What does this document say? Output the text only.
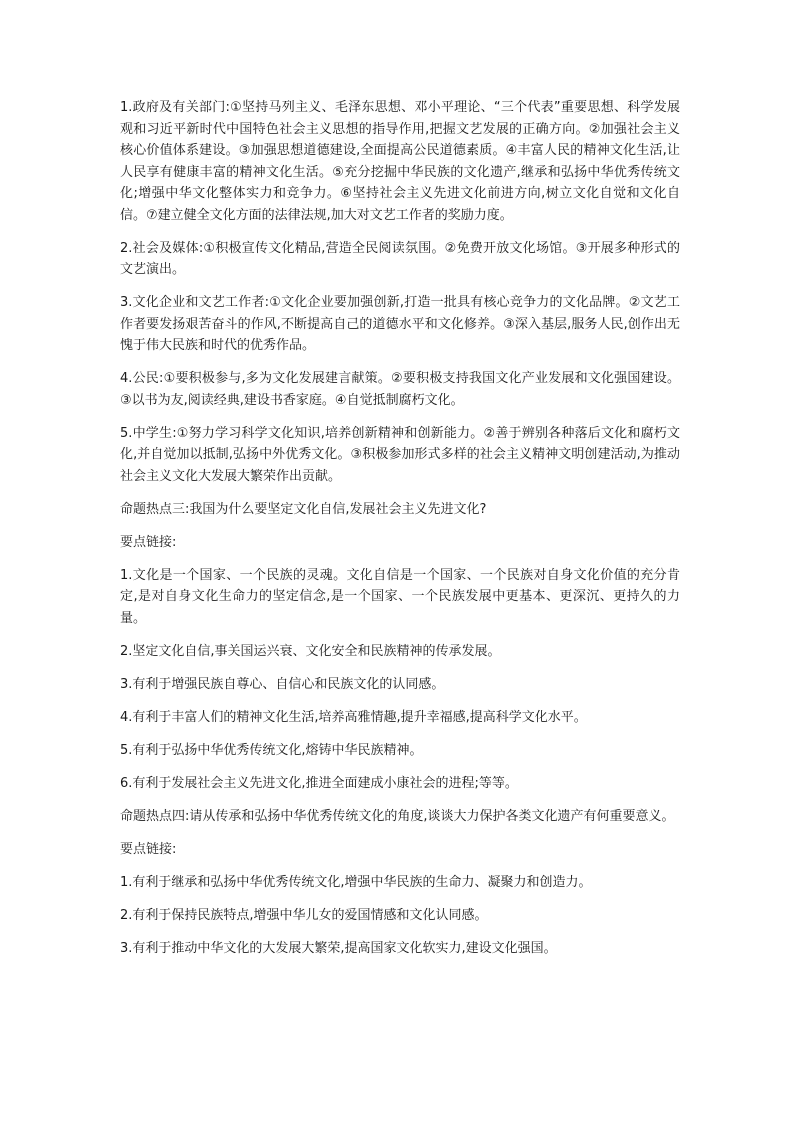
1.政府及有关部门:①坚持马列主义、毛泽东思想、邓小平理论、“三个代表”重要思想、科学发展观和习近平新时代中国特色社会主义思想的指导作用,把握文艺发展的正确方向。②加强社会主义核心价值体系建设。③加强思想道德建设,全面提高公民道德素质。④丰富人民的精神文化生活,让人民享有健康丰富的精神文化生活。⑤充分挖掘中华民族的文化遗产,继承和弘扬中华优秀传统文化;增强中华文化整体实力和竞争力。⑥坚持社会主义先进文化前进方向,树立文化自觉和文化自信。⑦建立健全文化方面的法律法规,加大对文艺工作者的奖励力度。

2.社会及媒体:①积极宣传文化精品,营造全民阅读氛围。②免费开放文化场馆。③开展多种形式的文艺演出。

3.文化企业和文艺工作者:①文化企业要加强创新,打造一批具有核心竞争力的文化品牌。②文艺工作者要发扬艰苦奋斗的作风,不断提高自己的道德水平和文化修养。③深入基层,服务人民,创作出无愧于伟大民族和时代的优秀作品。

4.公民:①要积极参与,多为文化发展建言献策。②要积极支持我国文化产业发展和文化强国建设。③以书为友,阅读经典,建设书香家庭。④自觉抵制腐朽文化。

5.中学生:①努力学习科学文化知识,培养创新精神和创新能力。②善于辨别各种落后文化和腐朽文化,并自觉加以抵制,弘扬中外优秀文化。③积极参加形式多样的社会主义精神文明创建活动,为推动社会主义文化大发展大繁荣作出贡献。

命题热点三:我国为什么要坚定文化自信,发展社会主义先进文化?

要点链接:

1.文化是一个国家、一个民族的灵魂。文化自信是一个国家、一个民族对自身文化价值的充分肯定,是对自身文化生命力的坚定信念,是一个国家、一个民族发展中更基本、更深沉、更持久的力量。

2.坚定文化自信,事关国运兴衰、文化安全和民族精神的传承发展。

3.有利于增强民族自尊心、自信心和民族文化的认同感。

4.有利于丰富人们的精神文化生活,培养高雅情趣,提升幸福感,提高科学文化水平。

5.有利于弘扬中华优秀传统文化,熔铸中华民族精神。

6.有利于发展社会主义先进文化,推进全面建成小康社会的进程;等等。

命题热点四:请从传承和弘扬中华优秀传统文化的角度,谈谈大力保护各类文化遗产有何重要意义。

要点链接:

1.有利于继承和弘扬中华优秀传统文化,增强中华民族的生命力、凝聚力和创造力。

2.有利于保持民族特点,增强中华儿女的爱国情感和文化认同感。

3.有利于推动中华文化的大发展大繁荣,提高国家文化软实力,建设文化强国。
